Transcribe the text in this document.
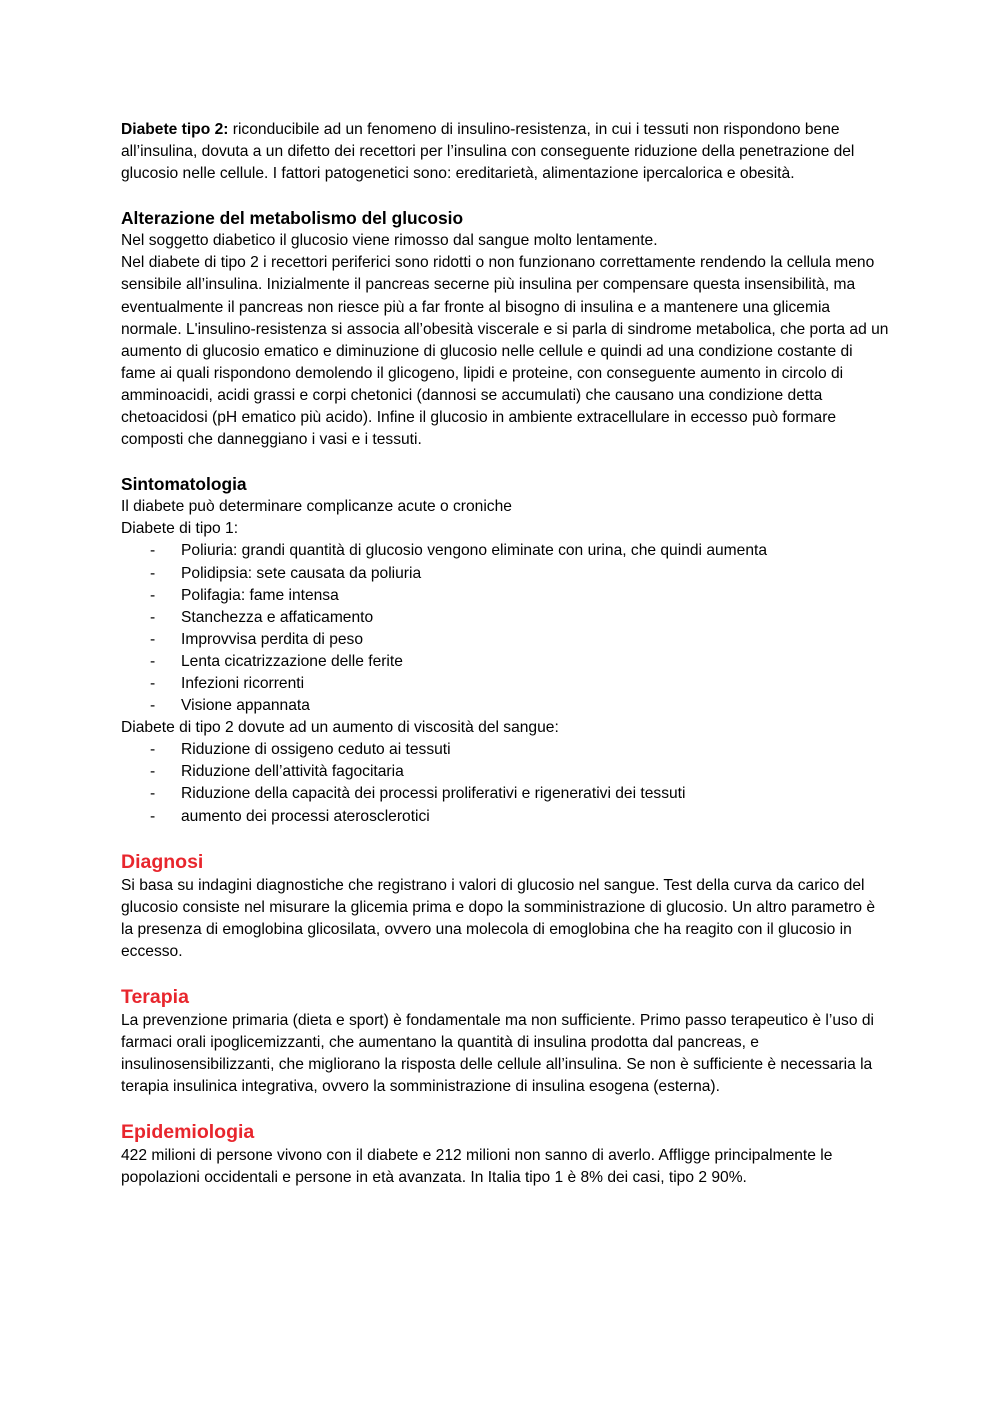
Diabete tipo 2: riconducibile ad un fenomeno di insulino-resistenza, in cui i tessuti non rispondono bene all’insulina, dovuta a un difetto dei recettori per l’insulina con conseguente riduzione della penetrazione del glucosio nelle cellule. I fattori patogenetici sono: ereditarietà, alimentazione ipercalorica e obesità.

Alterazione del metabolismo del glucosio

Nel soggetto diabetico il glucosio viene rimosso dal sangue molto lentamente.

Nel diabete di tipo 2 i recettori periferici sono ridotti o non funzionano correttamente rendendo la cellula meno sensibile all’insulina. Inizialmente il pancreas secerne più insulina per compensare questa insensibilità, ma eventualmente il pancreas non riesce più a far fronte al bisogno di insulina e a mantenere una glicemia normale. L'insulino-resistenza si associa all’obesità viscerale e si parla di sindrome metabolica, che porta ad un aumento di glucosio ematico e diminuzione di glucosio nelle cellule e quindi ad una condizione costante di fame ai quali rispondono demolendo il glicogeno, lipidi e proteine, con conseguente aumento in circolo di amminoacidi, acidi grassi e corpi chetonici (dannosi se accumulati) che causano una condizione detta chetoacidosi (pH ematico più acido). Infine il glucosio in ambiente extracellulare in eccesso può formare composti che danneggiano i vasi e i tessuti.

Sintomatologia

Il diabete può determinare complicanze acute o croniche

Diabete di tipo 1:

- Poliuria: grandi quantità di glucosio vengono eliminate con urina, che quindi aumenta
- Polidipsia: sete causata da poliuria
- Polifagia: fame intensa
- Stanchezza e affaticamento
- Improvvisa perdita di peso
- Lenta cicatrizzazione delle ferite
- Infezioni ricorrenti
- Visione appannata

Diabete di tipo 2 dovute ad un aumento di viscosità del sangue:

- Riduzione di ossigeno ceduto ai tessuti
- Riduzione dell’attività fagocitaria
- Riduzione della capacità dei processi proliferativi e rigenerativi dei tessuti
- aumento dei processi aterosclerotici

Diagnosi

Si basa su indagini diagnostiche che registrano i valori di glucosio nel sangue. Test della curva da carico del glucosio consiste nel misurare la glicemia prima e dopo la somministrazione di glucosio. Un altro parametro è la presenza di emoglobina glicosilata, ovvero una molecola di emoglobina che ha reagito con il glucosio in eccesso.

Terapia

La prevenzione primaria (dieta e sport) è fondamentale ma non sufficiente. Primo passo terapeutico è l’uso di farmaci orali ipoglicemizzanti, che aumentano la quantità di insulina prodotta dal pancreas, e insulinosensibilizzanti, che migliorano la risposta delle cellule all’insulina. Se non è sufficiente è necessaria la terapia insulinica integrativa, ovvero la somministrazione di insulina esogena (esterna).

Epidemiologia

422 milioni di persone vivono con il diabete e 212 milioni non sanno di averlo. Affligge principalmente le popolazioni occidentali e persone in età avanzata. In Italia tipo 1 è 8% dei casi, tipo 2 90%.
